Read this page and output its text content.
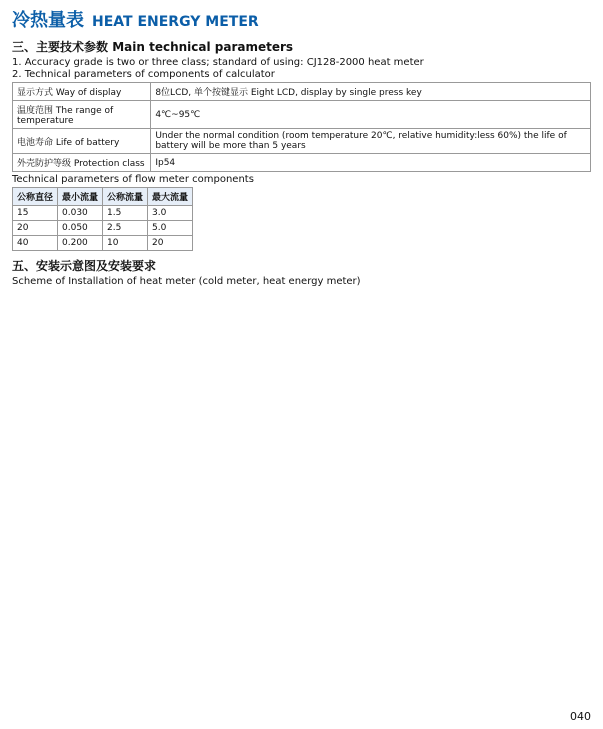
冷热量表 HEAT ENERGY METER
三、主要技术参数 Main technical parameters
1. Accuracy grade is two or three class; standard of using: CJ128-2000 heat meter
2. Technical parameters of components of calculator
显示方式 Way of display	8位LCD, 单个按键显示 Eight LCD, display by single press key
温度范围 The range of temperature	4℃~95℃
电池寿命 Life of battery	Under the normal condition (room temperature 20℃, relative humidity:less 60%) the life of battery will be more than 5 years
外壳防护等级 Protection class	Ip54
Technical parameters of flow meter components
公称直径	最小流量	公称流量	最大流量
15	0.030	1.5	3.0
20	0.050	2.5	5.0
40	0.200	10	20
五、安装示意图及安装要求
Scheme of Installation of heat meter (cold meter, heat energy meter)
040
